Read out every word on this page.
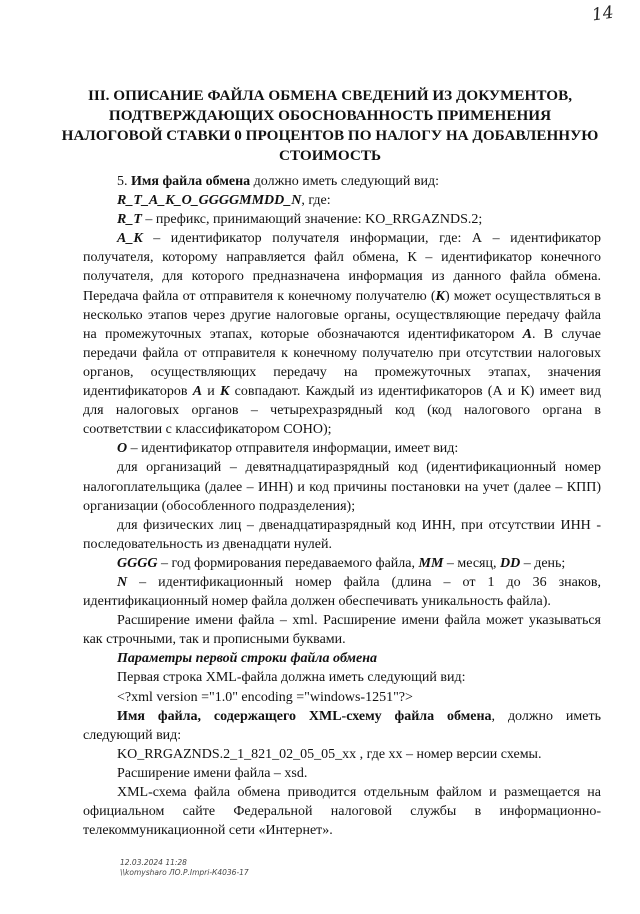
14
III. ОПИСАНИЕ ФАЙЛА ОБМЕНА СВЕДЕНИЙ ИЗ ДОКУМЕНТОВ, ПОДТВЕРЖДАЮЩИХ ОБОСНОВАННОСТЬ ПРИМЕНЕНИЯ НАЛОГОВОЙ СТАВКИ 0 ПРОЦЕНТОВ ПО НАЛОГУ НА ДОБАВЛЕННУЮ СТОИМОСТЬ

5. Имя файла обмена должно иметь следующий вид:

R_T_A_K_O_GGGGMMDD_N, где:

R_T – префикс, принимающий значение: KO_RRGAZNDS.2;

A_K – идентификатор получателя информации, где: А – идентификатор получателя, которому направляется файл обмена, К – идентификатор конечного получателя, для которого предназначена информация из данного файла обмена. Передача файла от отправителя к конечному получателю (К) может осуществляться в несколько этапов через другие налоговые органы, осуществляющие передачу файла на промежуточных этапах, которые обозначаются идентификатором А. В случае передачи файла от отправителя к конечному получателю при отсутствии налоговых органов, осуществляющих передачу на промежуточных этапах, значения идентификаторов А и К совпадают. Каждый из идентификаторов (А и К) имеет вид для налоговых органов – четырехразрядный код (код налогового органа в соответствии с классификатором СОНО);

O – идентификатор отправителя информации, имеет вид:

для организаций – девятнадцатиразрядный код (идентификационный номер налогоплательщика (далее – ИНН) и код причины постановки на учет (далее – КПП) организации (обособленного подразделения);

для физических лиц – двенадцатиразрядный код ИНН, при отсутствии ИНН - последовательность из двенадцати нулей.

GGGG – год формирования передаваемого файла, MM – месяц, DD – день;

N – идентификационный номер файла (длина – от 1 до 36 знаков, идентификационный номер файла должен обеспечивать уникальность файла).

Расширение имени файла – xml. Расширение имени файла может указываться как строчными, так и прописными буквами.

Параметры первой строки файла обмена

Первая строка XML-файла должна иметь следующий вид:

<?xml version ="1.0" encoding ="windows-1251"?>

Имя файла, содержащего XML-схему файла обмена, должно иметь следующий вид:

KO_RRGAZNDS.2_1_821_02_05_05_xx , где хх – номер версии схемы.

Расширение имени файла – xsd.

XML-схема файла обмена приводится отдельным файлом и размещается на официальном сайте Федеральной налоговой службы в информационно-телекоммуникационной сети «Интернет».

12.03.2024 11:28
\\komysharo ЛО.Р.Impri-К4036-17
